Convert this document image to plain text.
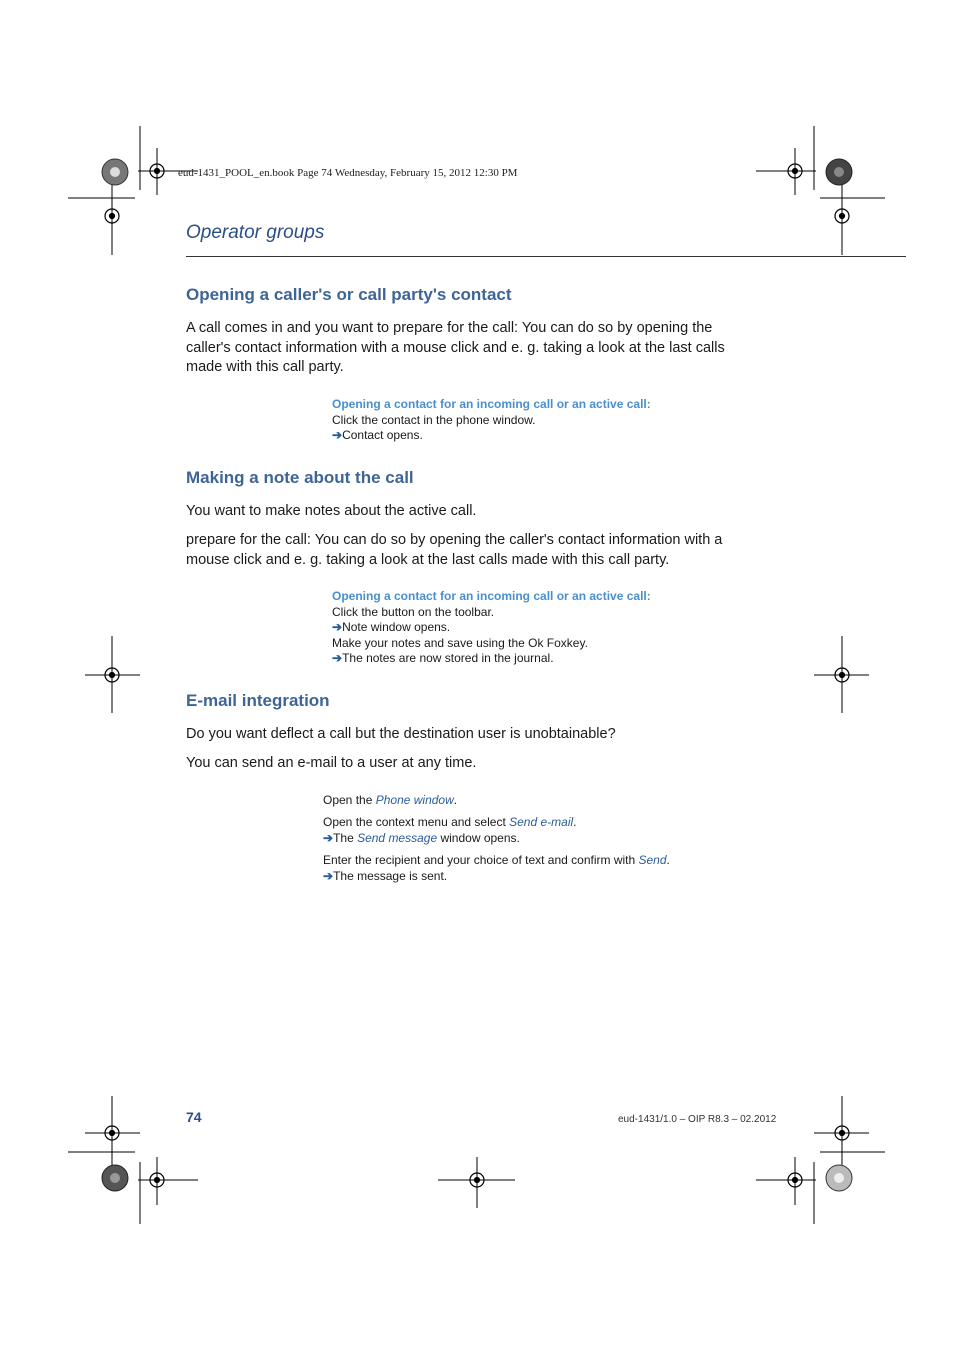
eud-1431_POOL_en.book Page 74 Wednesday, February 15, 2012 12:30 PM
Operator groups
Opening a caller's or call party's contact

A call comes in and you want to prepare for the call: You can do so by opening the caller's contact information with a mouse click and e. g. taking a look at the last calls made with this call party.

Opening a contact for an incoming call or an active call:
Click the contact in the phone window.
➔Contact opens.
Making a note about the call

You want to make notes about the active call.

prepare for the call: You can do so by opening the caller's contact information with a mouse click and e. g. taking a look at the last calls made with this call party.

Opening a contact for an incoming call or an active call:
Click the button on the toolbar.
➔Note window opens.
Make your notes and save using the Ok Foxkey.
➔The notes are now stored in the journal.
E-mail integration

Do you want deflect a call but the destination user is unobtainable?

You can send an e-mail to a user at any time.

Open the Phone window.
Open the context menu and select Send e-mail.
➔The Send message window opens.
Enter the recipient and your choice of text and confirm with Send.
➔The message is sent.
74	eud-1431/1.0 – OIP R8.3 – 02.2012
